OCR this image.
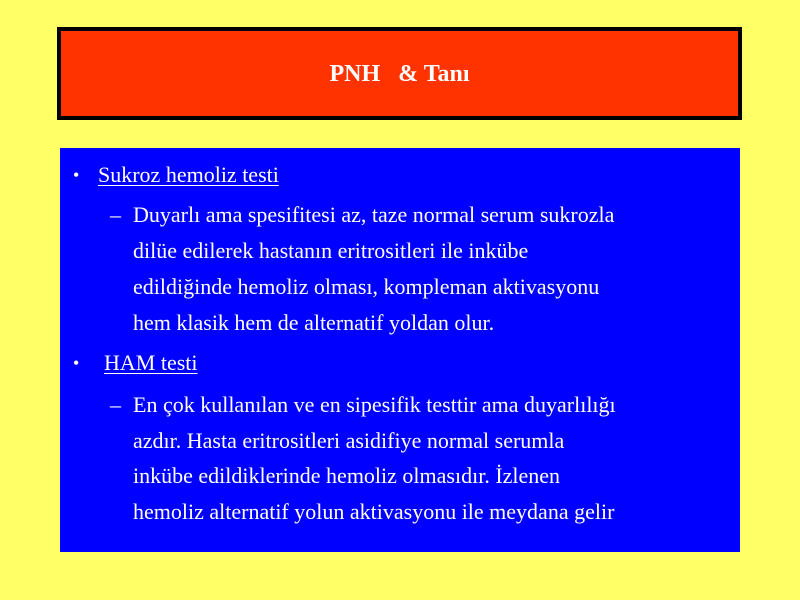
PNH   & Tanı
• Sukroz hemoliz testi
– Duyarlı ama spesifitesi az, taze normal serum sukrozla
dilüe edilerek hastanın eritrositleri ile inkübe
edildiğinde hemoliz olması, kompleman aktivasyonu
hem klasik hem de alternatif yoldan olur.
• HAM testi
– En çok kullanılan ve en sipesifik testtir ama duyarlılığı
azdır. Hasta eritrositleri asidifiye normal serumla
inkübe edildiklerinde hemoliz olmasıdır. İzlenen
hemoliz alternatif yolun aktivasyonu ile meydana gelir
